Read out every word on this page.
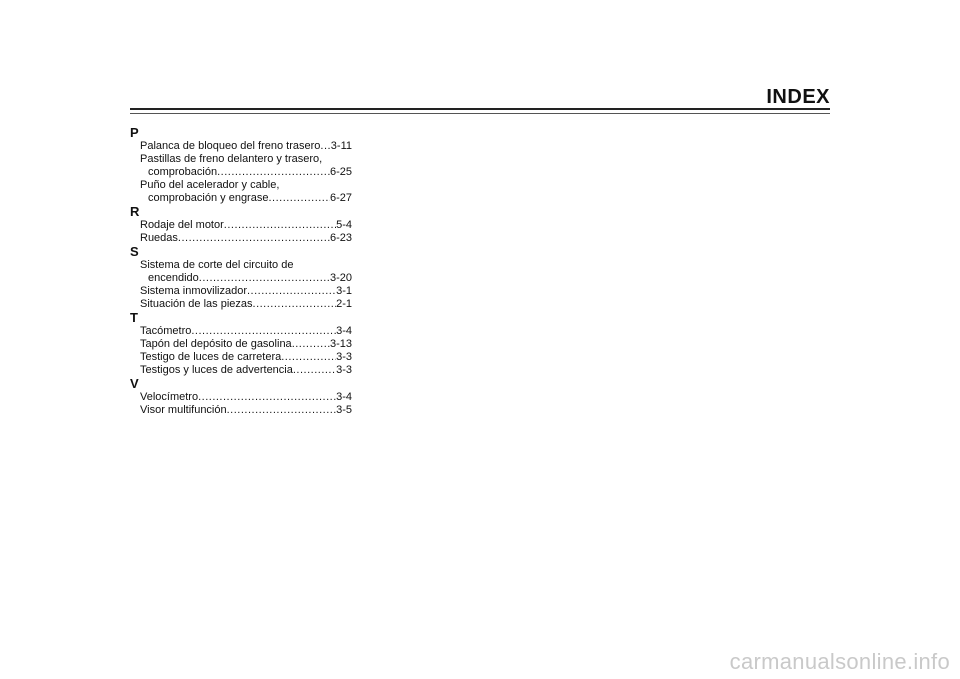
INDEX
P
Palanca de bloqueo del freno trasero ..... 3-11
Pastillas de freno delantero y trasero,
comprobación .....	6-25
Puño del acelerador y cable,
comprobación y engrase .....	6-27
R
Rodaje del motor .....	5-4
Ruedas .....	6-23
S
Sistema de corte del circuito de
encendido .....	3-20
Sistema inmovilizador .....	3-1
Situación de las piezas .....	2-1
T
Tacómetro .....	3-4
Tapón del depósito de gasolina .....	3-13
Testigo de luces de carretera .....	3-3
Testigos y luces de advertencia .....	3-3
V
Velocímetro .....	3-4
Visor multifunción .....	3-5
carmanualsonline.info
